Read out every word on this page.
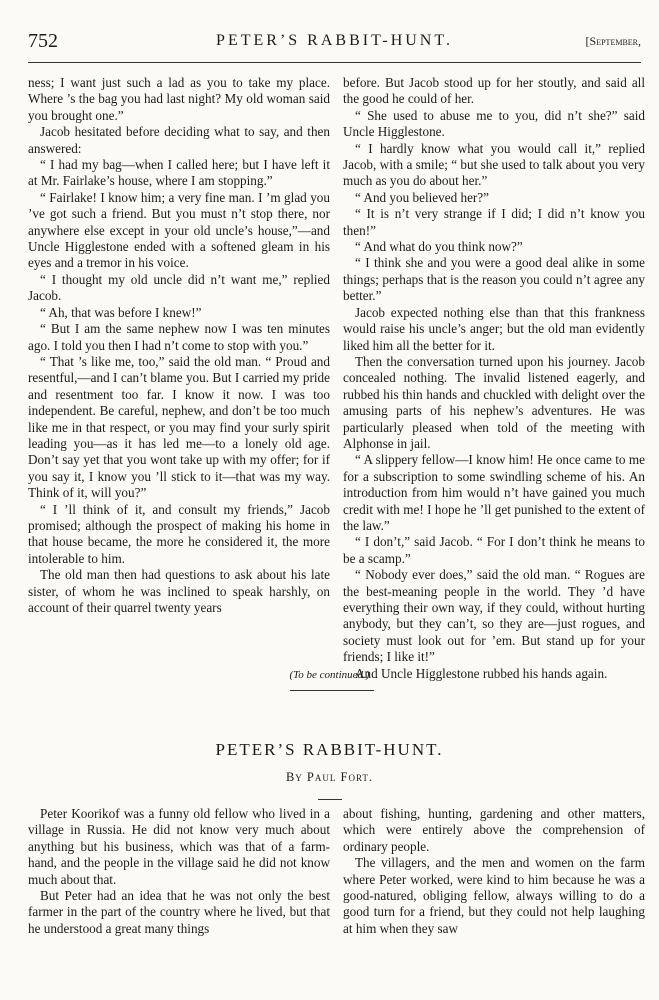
752	PETER’S RABBIT-HUNT.	[September,

ness; I want just such a lad as you to take my place. Where ’s the bag you had last night? My old woman said you brought one.”

Jacob hesitated before deciding what to say, and then answered:

“ I had my bag—when I called here; but I have left it at Mr. Fairlake’s house, where I am stopping.”

“ Fairlake! I know him; a very fine man. I ’m glad you ’ve got such a friend. But you must n’t stop there, nor anywhere else except in your old uncle’s house,”—and Uncle Higglestone ended with a softened gleam in his eyes and a tremor in his voice.

“ I thought my old uncle did n’t want me,” replied Jacob.

“ Ah, that was before I knew!”

“ But I am the same nephew now I was ten minutes ago. I told you then I had n’t come to stop with you.”

“ That ’s like me, too,” said the old man. “ Proud and resentful,—and I can’t blame you. But I carried my pride and resentment too far. I know it now. I was too independent. Be careful, nephew, and don’t be too much like me in that respect, or you may find your surly spirit leading you—as it has led me—to a lonely old age. Don’t say yet that you wont take up with my offer; for if you say it, I know you ’ll stick to it—that was my way. Think of it, will you?”

“ I ’ll think of it, and consult my friends,” Jacob promised; although the prospect of making his home in that house became, the more he considered it, the more intolerable to him.

The old man then had questions to ask about his late sister, of whom he was inclined to speak harshly, on account of their quarrel twenty years

before. But Jacob stood up for her stoutly, and said all the good he could of her.

“ She used to abuse me to you, did n’t she?” said Uncle Higglestone.

“ I hardly know what you would call it,” replied Jacob, with a smile; “ but she used to talk about you very much as you do about her.”

“ And you believed her?”

“ It is n’t very strange if I did; I did n’t know you then!”

“ And what do you think now?”

“ I think she and you were a good deal alike in some things; perhaps that is the reason you could n’t agree any better.”

Jacob expected nothing else than that this frankness would raise his uncle’s anger; but the old man evidently liked him all the better for it.

Then the conversation turned upon his journey. Jacob concealed nothing. The invalid listened eagerly, and rubbed his thin hands and chuckled with delight over the amusing parts of his nephew’s adventures. He was particularly pleased when told of the meeting with Alphonse in jail.

“ A slippery fellow—I know him! He once came to me for a subscription to some swindling scheme of his. An introduction from him would n’t have gained you much credit with me! I hope he ’ll get punished to the extent of the law.”

“ I don’t,” said Jacob. “ For I don’t think he means to be a scamp.”

“ Nobody ever does,” said the old man. “ Rogues are the best-meaning people in the world. They ’d have everything their own way, if they could, without hurting anybody, but they can’t, so they are—just rogues, and society must look out for ’em. But stand up for your friends; I like it!”

And Uncle Higglestone rubbed his hands again.

(To be continued.)
PETER’S RABBIT-HUNT.
By Paul Fort.

Peter Koorikof was a funny old fellow who lived in a village in Russia. He did not know very much about anything but his business, which was that of a farm-hand, and the people in the village said he did not know much about that.

But Peter had an idea that he was not only the best farmer in the part of the country where he lived, but that he understood a great many things

about fishing, hunting, gardening and other matters, which were entirely above the comprehension of ordinary people.

The villagers, and the men and women on the farm where Peter worked, were kind to him because he was a good-natured, obliging fellow, always willing to do a good turn for a friend, but they could not help laughing at him when they saw
